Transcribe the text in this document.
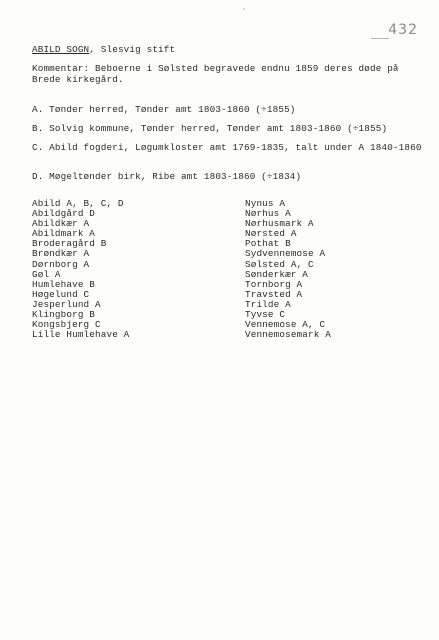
432
ABILD SOGN, Slesvig stift
Kommentar: Beboerne i Sølsted begravede endnu 1859 deres døde på Brede kirkegård.
A. Tønder herred, Tønder amt 1803-1860 (÷1855)
B. Solvig kommune, Tønder herred, Tønder amt 1803-1860 (÷1855)
C. Abild fogderi, Løgumkloster amt 1769-1835, talt under A 1840-1860
D. Møgeltønder birk, Ribe amt 1803-1860 (÷1834)
Abild A, B, C, D
Abildgård D
Abildkær A
Abildmark A
Broderagård B
Brøndkær A
Dørnborg A
Gøl A
Humlehave B
Høgelund C
Jesperlund A
Klingborg B
Kongsbjerg C
Lille Humlehave A
Nynus A
Nørhus A
Nørhusmark A
Nørsted A
Pothat B
Sydvennemose A
Sølsted A, C
Sønderkær A
Tornborg A
Travsted A
Trilde A
Tyvse C
Vennemose A, C
Vennemosemark A
